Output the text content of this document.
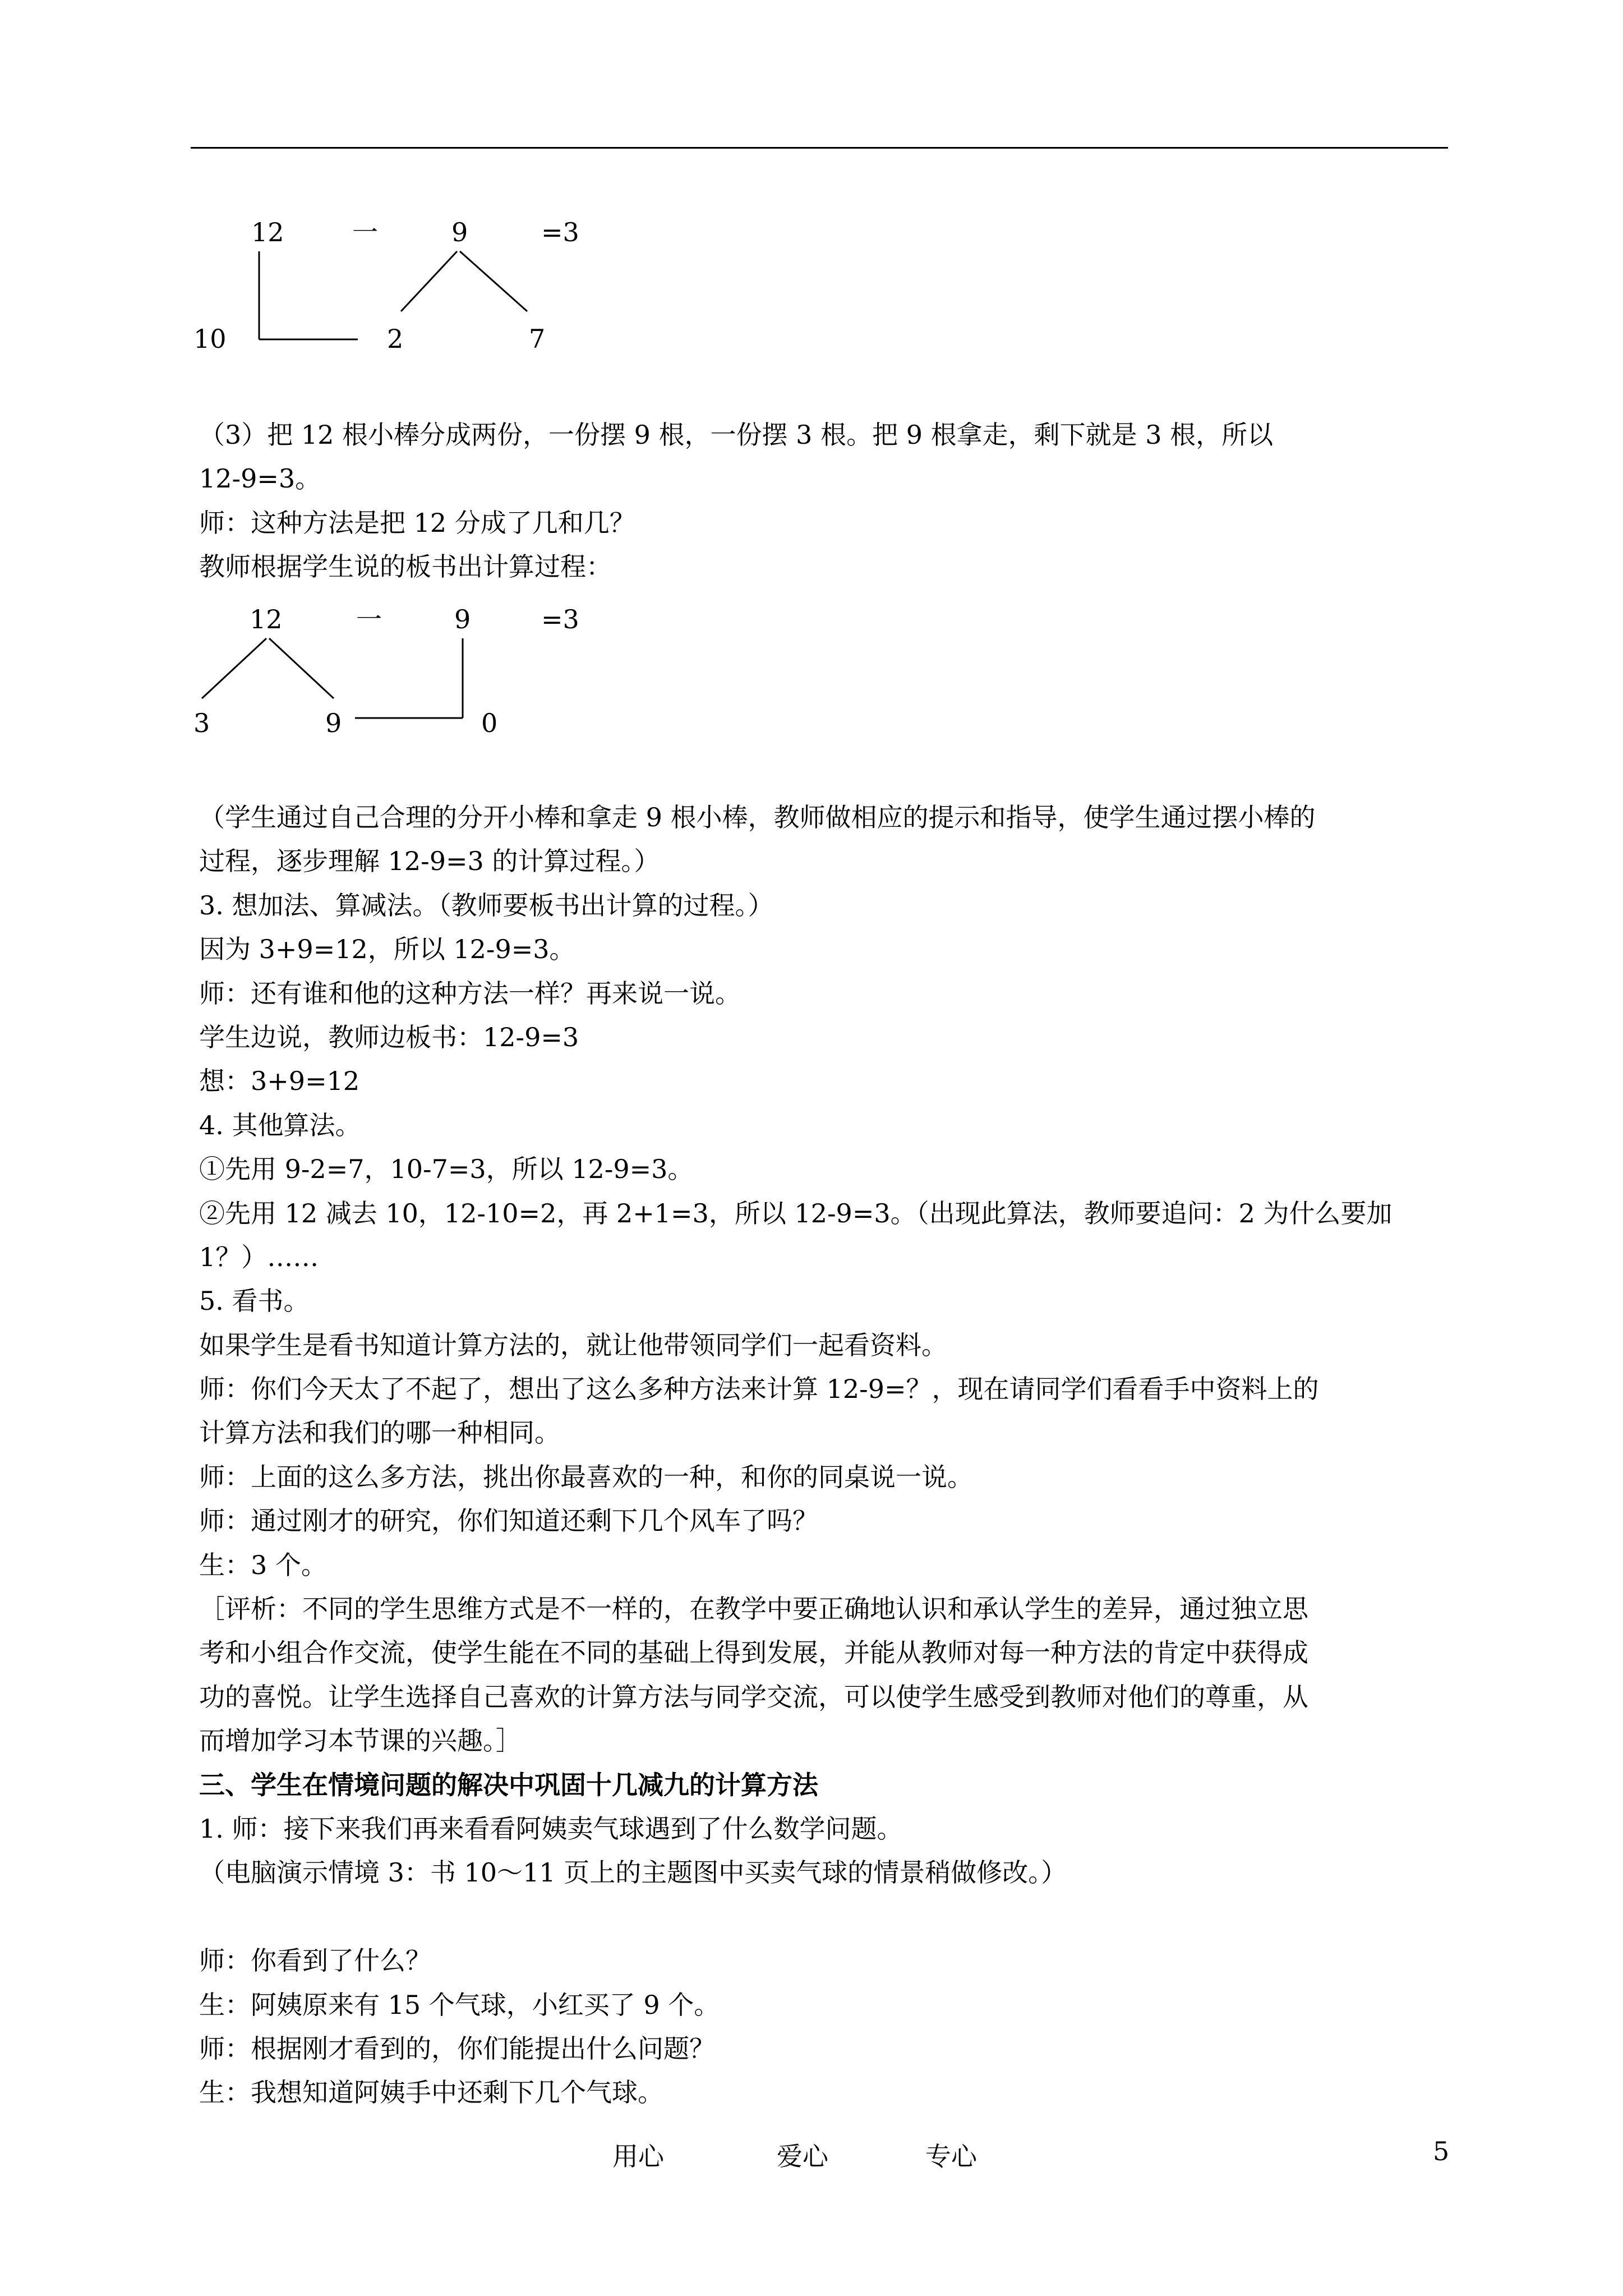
12	一	9	=3
10	2	7
（3）把 12 根小棒分成两份，一份摆 9 根，一份摆 3 根。把 9 根拿走，剩下就是 3 根，所以
12-9=3。
师：这种方法是把 12 分成了几和几？
教师根据学生说的板书出计算过程：
12	一	9	=3
3	9	0
（学生通过自己合理的分开小棒和拿走 9 根小棒，教师做相应的提示和指导，使学生通过摆小棒的
过程，逐步理解 12-9=3 的计算过程。）
3. 想加法、算减法。（教师要板书出计算的过程。）
因为 3+9=12，所以 12-9=3。
师：还有谁和他的这种方法一样？再来说一说。
学生边说，教师边板书：12-9=3
想：3+9=12
4. 其他算法。
①先用 9-2=7，10-7=3，所以 12-9=3。
②先用 12 减去 10，12-10=2，再 2+1=3，所以 12-9=3。（出现此算法，教师要追问：2 为什么要加
1？）……
5. 看书。
如果学生是看书知道计算方法的，就让他带领同学们一起看资料。
师：你们今天太了不起了，想出了这么多种方法来计算 12-9=？，现在请同学们看看手中资料上的
计算方法和我们的哪一种相同。
师：上面的这么多方法，挑出你最喜欢的一种，和你的同桌说一说。
师：通过刚才的研究，你们知道还剩下几个风车了吗？
生：3 个。
［评析：不同的学生思维方式是不一样的，在教学中要正确地认识和承认学生的差异，通过独立思
考和小组合作交流，使学生能在不同的基础上得到发展，并能从教师对每一种方法的肯定中获得成
功的喜悦。让学生选择自己喜欢的计算方法与同学交流，可以使学生感受到教师对他们的尊重，从
而增加学习本节课的兴趣。］
三、学生在情境问题的解决中巩固十几减九的计算方法
1. 师：接下来我们再来看看阿姨卖气球遇到了什么数学问题。
（电脑演示情境 3：书 10～11 页上的主题图中买卖气球的情景稍做修改。）
师：你看到了什么？
生：阿姨原来有 15 个气球，小红买了 9 个。
师：根据刚才看到的，你们能提出什么问题？
生：我想知道阿姨手中还剩下几个气球。
用心	爱心	专心	5
